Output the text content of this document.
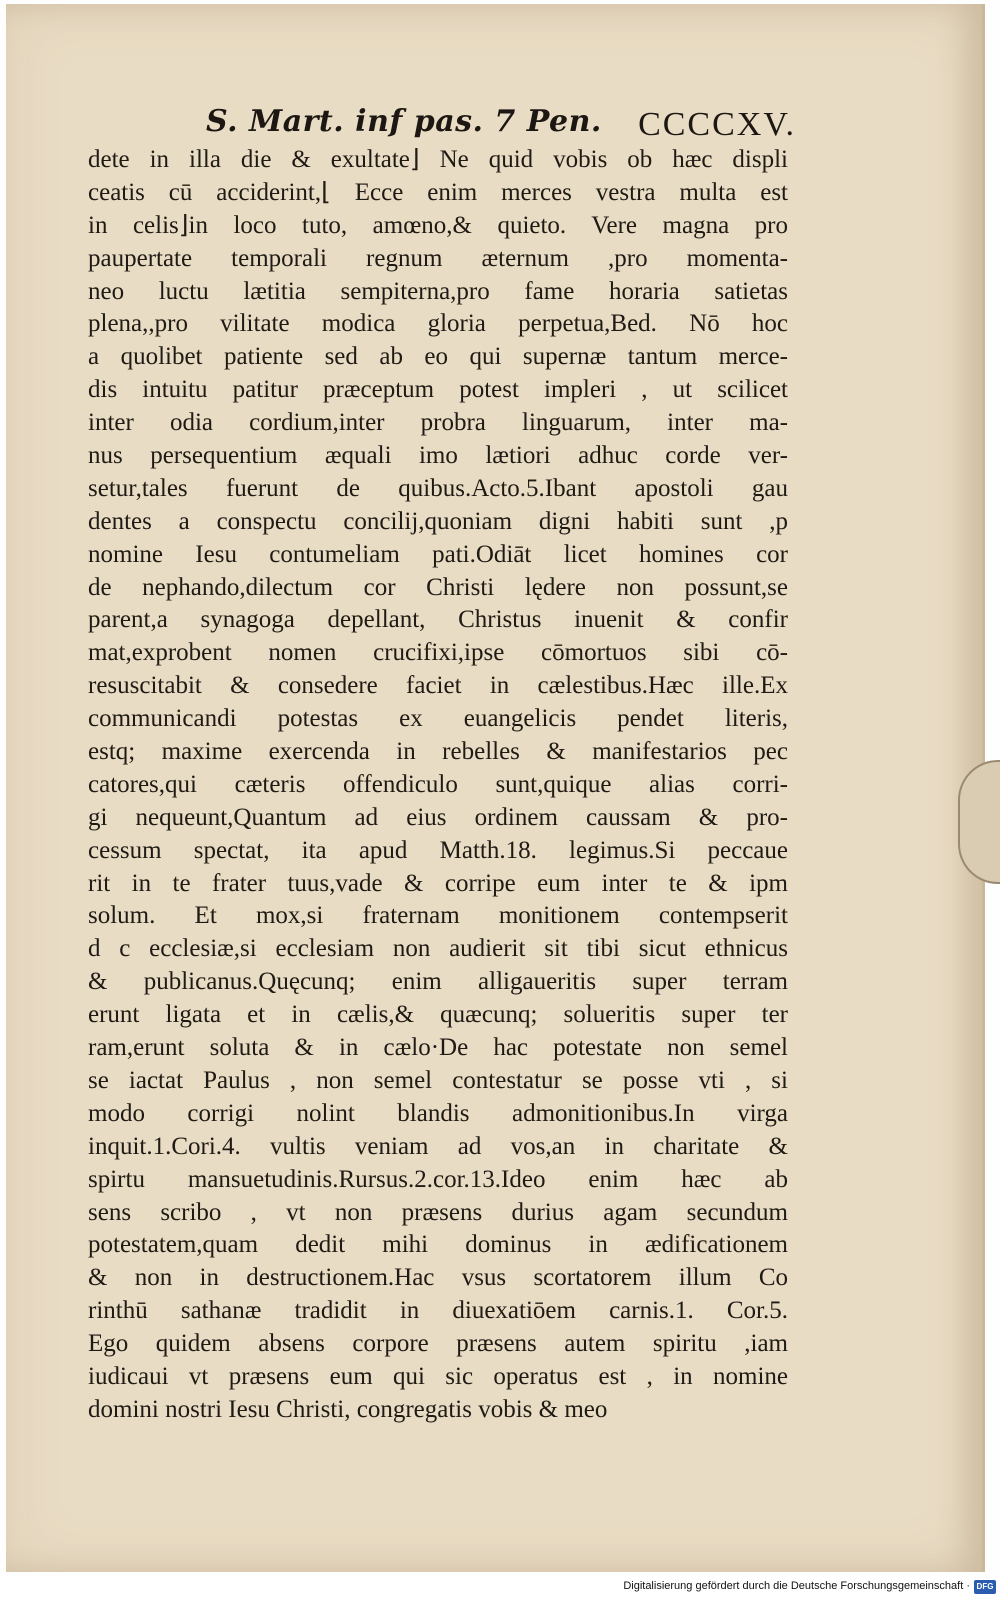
S. Mart. inf pas. 7 Pen. CCCCXV.
dete in illa die & exultate⌋ Ne quid vobis ob hæc displi
ceatis cū acciderint,⌊ Ecce enim merces vestra multa est
in celis⌋in loco tuto, amœno,& quieto. Vere magna pro
paupertate temporali regnum æternum ,pro momenta-
neo luctu lætitia sempiterna,pro fame horaria satietas
plena,,pro vilitate modica gloria perpetua,Bed. Nō hoc
a quolibet patiente sed ab eo qui supernæ tantum merce-
dis intuitu patitur præceptum potest impleri , ut scilicet
inter odia cordium,inter probra linguarum, inter ma-
nus persequentium æquali imo lætiori adhuc corde ver-
setur,tales fuerunt de quibus.Acto.5.Ibant apostoli gau
dentes a conspectu concilij,quoniam digni habiti sunt ,p
nomine Iesu contumeliam pati.Odiāt licet homines cor
de nephando,dilectum cor Christi lędere non possunt,se
parent,a synagoga depellant, Christus inuenit & confir
mat,exprobent nomen crucifixi,ipse cōmortuos sibi cō-
resuscitabit & consedere faciet in cælestibus.Hæc ille.Ex
communicandi potestas ex euangelicis pendet literis,
estq; maxime exercenda in rebelles & manifestarios pec
catores,qui cæteris offendiculo sunt,quique alias corri-
gi nequeunt,Quantum ad eius ordinem caussam & pro-
cessum spectat, ita apud Matth.18. legimus.Si peccaue
rit in te frater tuus,vade & corripe eum inter te & ipm
solum. Et mox,si fraternam monitionem contempserit
d c ecclesiæ,si ecclesiam non audierit sit tibi sicut ethnicus
& publicanus.Quęcunq; enim alligaueritis super terram
erunt ligata et in cælis,& quæcunq; solueritis super ter
ram,erunt soluta & in cælo·De hac potestate non semel
se iactat Paulus , non semel contestatur se posse vti , si
modo corrigi nolint blandis admonitionibus.In virga
inquit.1.Cori.4. vultis veniam ad vos,an in charitate &
spirtu mansuetudinis.Rursus.2.cor.13.Ideo enim hæc ab
sens scribo , vt non præsens durius agam secundum
potestatem,quam dedit mihi dominus in ædificationem
& non in destructionem.Hac vsus scortatorem illum Co
rinthū sathanæ tradidit in diuexatiōem carnis.1. Cor.5.
Ego quidem absens corpore præsens autem spiritu ,iam
iudicaui vt præsens eum qui sic operatus est , in nomine
domini nostri Iesu Christi, congregatis vobis & meo
Digitalisierung gefördert durch die Deutsche Forschungsgemeinschaft · DFG
